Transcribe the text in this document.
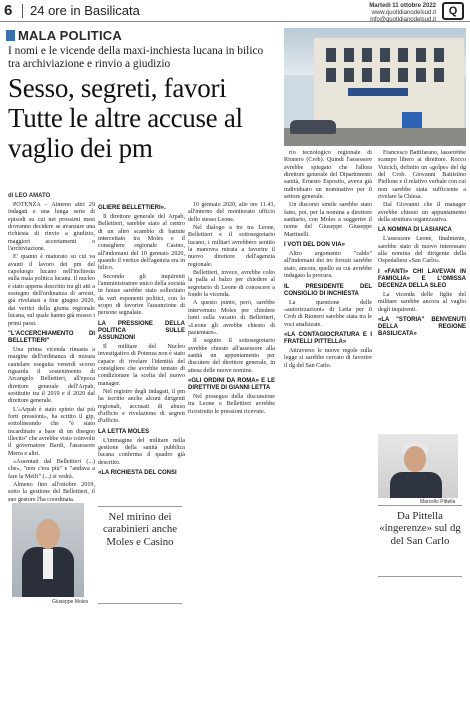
6 24 ore in Basilicata	Martedì 11 ottobre 2022
www.quotidianodelsud.it
info@quotidianodelsud.it
Q
MALA POLITICA
I nomi e le vicende della maxi-inchiesta lucana in bilico tra archiviazione e rinvio a giudizio
Sesso, segreti, favori Tutte le altre accuse al vaglio dei pm
di LEO AMATO

POTENZA – Almeno altri 29 indagati e una lunga serie di episodi su cui nei prossimi mesi dovranno decidere se avanzare una richiesta di rinvio a giudizio, maggiori accertamenti o l'archiviazione.

E' quanto è maturato su cui va avanti il lavoro dei pm del capoluogo lucano nell'inchiesta sulla mala politica lucana. Il nucleo è stato appena descritto tra gli atti a sostegno dell'ordinanza di arresti, già rivelatasi a fine giugno 2020, dai vertici della giunta regionale lucana, sul quale hanno già mosso i primi passi.

"L'ACCERCHIAMENTO DI BELLETTIERI"

Una prima vicenda rimasta a margine dell'ordinanza di misura cautelare eseguita venerdì scorso riguarda il sostenimento di Arcangelo Bellettieri, all'epoca direttore generale dell'Arpab, sostituito tra il 2019 e il 2020 dal direttore generale.

L'«Arpab è stato spinto dai più forti pressioni», ha scritto il gip, sottolineando che "è stato incardinato a base di un disegno illecito" che avrebbe visto coinvolti il governatore Bardi, l'assessore Merra e altri.

«Assentati dal Bellettieri (...) che», "non c'era più" e "andava a fare la Melfi" (...) si vedrà.

Almeno fino all'ottobre 2019, sotto la gestione del Bellettieri, il suo gestore l'ha coordinata.

GLIERE BELLETTIERI».

Il direttore generale del Arpab, Bellettieri, sarebbe stato al centro di un altro scambio di battute intercettato tra Moles e il consigliere regionale Casino, all'indomani del 10 gennaio 2020, quando il vertice dell'agenzia era in bilico.

Secondo gli inquirenti l'amministratore unico della società in house sarebbe stato sollecitato da vari esponenti politici, con lo scopo di favorire l'assunzione di persone segnalate.

LA PRESSIONE DELLA POLITICA SULLE ASSUNZIONI

Il militare del Nucleo investigativo di Potenza non è stato capace di rivelare l'identità del consigliere che avrebbe tentato di condizionare la scelta del nuovo manager.

Nel registro degli indagati, il pm ha iscritto anche alcuni dirigenti regionali, accusati di abuso d'ufficio e rivelazione di segreti d'ufficio.

LA LETTA MOLES

L'immagine del militare nella gestione della sanità pubblica lucana conferma il quadro già descritto.

«LA RICHIESTA DEL CONSI

10 gennaio 2020, alle ore 11.43, all'interno del monitorato ufficio dello stesso Leone.

Nel dialogo a tre tra Leone, Bellettieri e il sottosegretario lucano, i militari avrebbero sentito la manovra mirata a favorire il nuovo direttore dell'agenzia regionale.

Bellettieri, invece, avrebbe colto la palla al balzo per chiedere al segretario di Leone di conoscere a fondo la vicenda.

A questo punto, però, sarebbe intervenuto Moles per chiedere lumi sulla vacatio di Bellettieri, «Leone gli avrebbe chiesto di pazientare».

Il seguito il sottosegretario avrebbe chiesto all'assessore alla sanità un appuntamento per discutere del direttore generale, in attesa delle nuove nomine.

«GLI ORDINI DA ROMA» E LE DIRETTIVE DI GIANNI LETTA

Nel proseguo della discussione tra Leone e Bellettieri avrebbe ricostruito le pressioni ricevute.

rio tecnologico regionale di Rionero (Crob). Quindi l'assessore avrebbe spiegato che l'allora direttore generale del Dipartimento sanità, Ernesto Esposito, aveva già individuato un nominativo per il settore generale.

Un discorso simile sarebbe stato fatto, poi, per la nomina a direttore sanitario, con Moles a suggerire il nome del Giuseppe Giuseppe Martinelli.

I VOTI DEL DON VIA»

Altro argomento "caldo" all'indomani dei tre forzati sarebbe stato, ancora, quello su cui avrebbe indagato la procura.

IL PRESIDENTE DEL CONSIGLIO DI INCHIESTA

La questione delle «autorizzazioni» di Letta per il Crob di Rionero sarebbe stata tra le voci analizzate.

«LA CONTAGIOCRATURA E I FRATELLI PITTELLA»

Attraverso le nuove regole sulla legge si sarebbe cercato di favorire il dg del San Carlo.

Francesco Battifarano, lasserebbe scampo libero ai direttore. Rocco Vuicich, definito un «golpe» del dg del Crob. Giovanni Battistino Piellone e il relativo verbale con cui non sarebbe stata sufficiente a rivelare la Chiesa.

Dal Giovanni che il manager avrebbe chiesto un appuntamento della struttura organizzativa.

LA NOMINA DI LASIANCA

L'assessore Leone, finalmente, sarebbe stato di nuovo interessato alla nomina del dirigente della Ospedaliera «San Carlo».

I «FANTI» CHI LAVEVAN IN FAMIGLIA» E L'OMISSA DECENZA DELLA SLEO

La vicenda delle figlie del militare sarebbe ancora al vaglio degli inquirenti.

«LA "STORIA" BENVENUTI DELLA REGIONE BASILICATA»
Giuseppe Moles
Nel mirino dei carabinieri anche Moles e Casino
Marcello Pittella
Da Pittella «ingerenze» sul dg del San Carlo
